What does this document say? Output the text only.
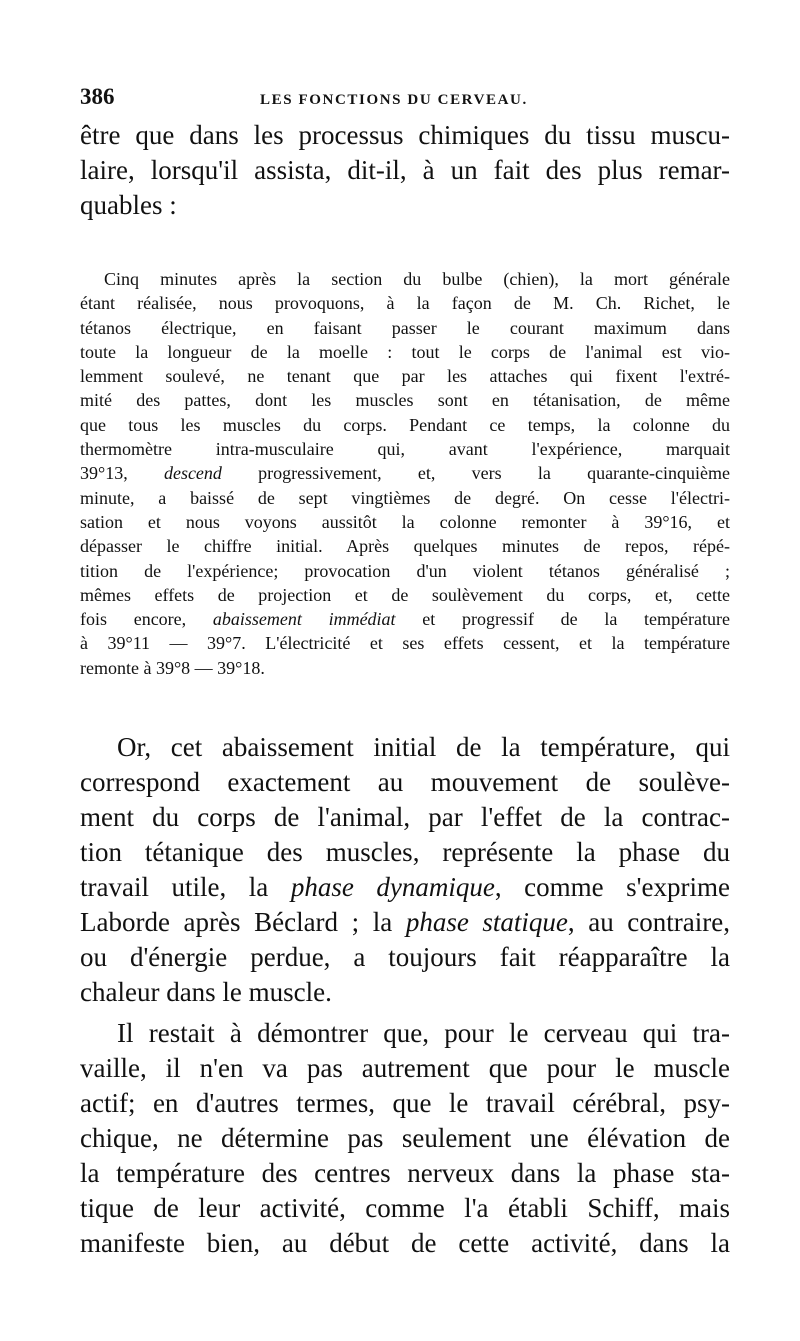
386	LES FONCTIONS DU CERVEAU.

être que dans les processus chimiques du tissu muscu-
laire, lorsqu'il assista, dit-il, à un fait des plus remar-
quables :

Cinq minutes après la section du bulbe (chien), la mort générale
étant réalisée, nous provoquons, à la façon de M. Ch. Richet, le
tétanos électrique, en faisant passer le courant maximum dans
toute la longueur de la moelle : tout le corps de l'animal est vio-
lemment soulevé, ne tenant que par les attaches qui fixent l'extré-
mité des pattes, dont les muscles sont en tétanisation, de même
que tous les muscles du corps. Pendant ce temps, la colonne du
thermomètre intra-musculaire qui, avant l'expérience, marquait
39°13, descend progressivement, et, vers la quarante-cinquième
minute, a baissé de sept vingtièmes de degré. On cesse l'électri-
sation et nous voyons aussitôt la colonne remonter à 39°16, et
dépasser le chiffre initial. Après quelques minutes de repos, répé-
tition de l'expérience; provocation d'un violent tétanos généralisé ;
mêmes effets de projection et de soulèvement du corps, et, cette
fois encore, abaissement immédiat et progressif de la température
à 39°11 — 39°7. L'électricité et ses effets cessent, et la température
remonte à 39°8 — 39°18.

Or, cet abaissement initial de la température, qui
correspond exactement au mouvement de soulève-
ment du corps de l'animal, par l'effet de la contrac-
tion tétanique des muscles, représente la phase du
travail utile, la phase dynamique, comme s'exprime
Laborde après Béclard ; la phase statique, au contraire,
ou d'énergie perdue, a toujours fait réapparaître la
chaleur dans le muscle.

Il restait à démontrer que, pour le cerveau qui tra-
vaille, il n'en va pas autrement que pour le muscle
actif; en d'autres termes, que le travail cérébral, psy-
chique, ne détermine pas seulement une élévation de
la température des centres nerveux dans la phase sta-
tique de leur activité, comme l'a établi Schiff, mais
manifeste bien, au début de cette activité, dans la
